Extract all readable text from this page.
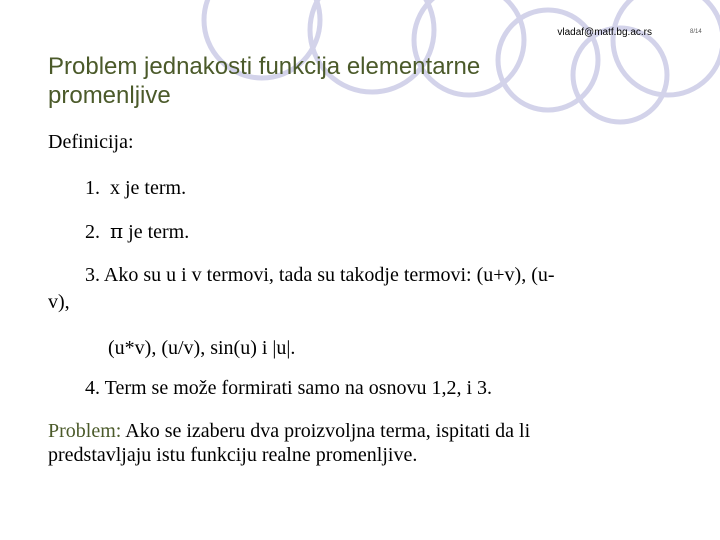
vladaf@matf.bg.ac.rs	8/14
Problem jednakosti funkcija elementarne
promenljive
Definicija:
1. x je term.
2. π je term.
3. Ako su u i v termovi, tada su takodje termovi: (u+v), (u-
v),
(u*v), (u/v), sin(u) i |u|.
4. Term se može formirati samo na osnovu 1,2, i 3.
Problem: Ako se izaberu dva proizvoljna terma, ispitati da li
predstavljaju istu funkciju realne promenljive.
